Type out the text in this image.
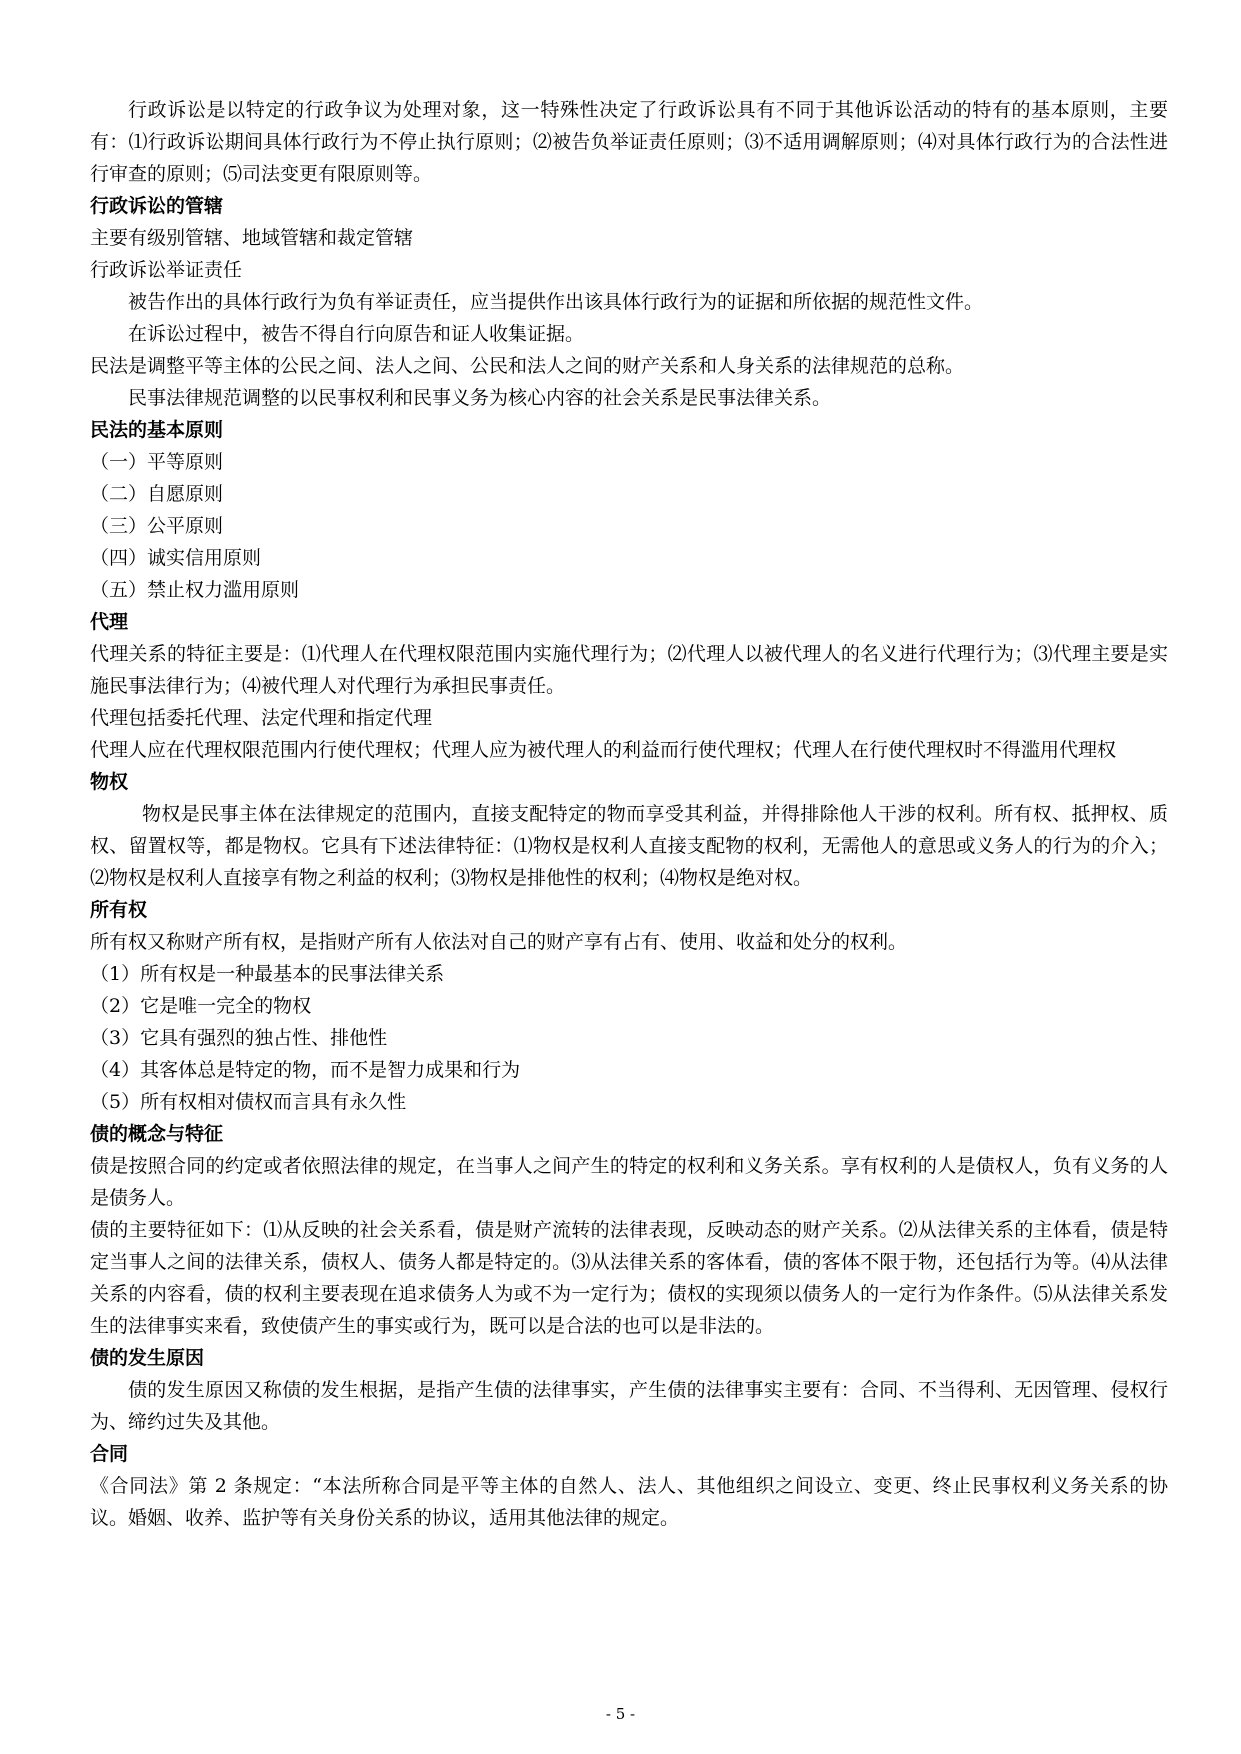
行政诉讼是以特定的行政争议为处理对象，这一特殊性决定了行政诉讼具有不同于其他诉讼活动的特有的基本原则，主要有：⑴行政诉讼期间具体行政行为不停止执行原则；⑵被告负举证责任原则；⑶不适用调解原则；⑷对具体行政行为的合法性进行审查的原则；⑸司法变更有限原则等。

行政诉讼的管辖

主要有级别管辖、地域管辖和裁定管辖

行政诉讼举证责任

被告作出的具体行政行为负有举证责任，应当提供作出该具体行政行为的证据和所依据的规范性文件。

在诉讼过程中，被告不得自行向原告和证人收集证据。

民法是调整平等主体的公民之间、法人之间、公民和法人之间的财产关系和人身关系的法律规范的总称。

民事法律规范调整的以民事权利和民事义务为核心内容的社会关系是民事法律关系。

民法的基本原则

（一）平等原则

（二）自愿原则

（三）公平原则

（四）诚实信用原则

（五）禁止权力滥用原则

代理

代理关系的特征主要是：⑴代理人在代理权限范围内实施代理行为；⑵代理人以被代理人的名义进行代理行为；⑶代理主要是实施民事法律行为；⑷被代理人对代理行为承担民事责任。

代理包括委托代理、法定代理和指定代理

代理人应在代理权限范围内行使代理权；代理人应为被代理人的利益而行使代理权；代理人在行使代理权时不得滥用代理权

物权

物权是民事主体在法律规定的范围内，直接支配特定的物而享受其利益，并得排除他人干涉的权利。所有权、抵押权、质权、留置权等，都是物权。它具有下述法律特征：⑴物权是权利人直接支配物的权利，无需他人的意思或义务人的行为的介入；⑵物权是权利人直接享有物之利益的权利；⑶物权是排他性的权利；⑷物权是绝对权。

所有权

所有权又称财产所有权，是指财产所有人依法对自己的财产享有占有、使用、收益和处分的权利。

（1）所有权是一种最基本的民事法律关系

（2）它是唯一完全的物权

（3）它具有强烈的独占性、排他性

（4）其客体总是特定的物，而不是智力成果和行为

（5）所有权相对债权而言具有永久性

债的概念与特征

债是按照合同的约定或者依照法律的规定，在当事人之间产生的特定的权利和义务关系。享有权利的人是债权人，负有义务的人是债务人。

债的主要特征如下：⑴从反映的社会关系看，债是财产流转的法律表现，反映动态的财产关系。⑵从法律关系的主体看，债是特定当事人之间的法律关系，债权人、债务人都是特定的。⑶从法律关系的客体看，债的客体不限于物，还包括行为等。⑷从法律关系的内容看，债的权利主要表现在追求债务人为或不为一定行为；债权的实现须以债务人的一定行为作条件。⑸从法律关系发生的法律事实来看，致使债产生的事实或行为，既可以是合法的也可以是非法的。

债的发生原因

债的发生原因又称债的发生根据，是指产生债的法律事实，产生债的法律事实主要有：合同、不当得利、无因管理、侵权行为、缔约过失及其他。

合同

《合同法》第 2 条规定：“本法所称合同是平等主体的自然人、法人、其他组织之间设立、变更、终止民事权利义务关系的协议。婚姻、收养、监护等有关身份关系的协议，适用其他法律的规定。

- 5 -
